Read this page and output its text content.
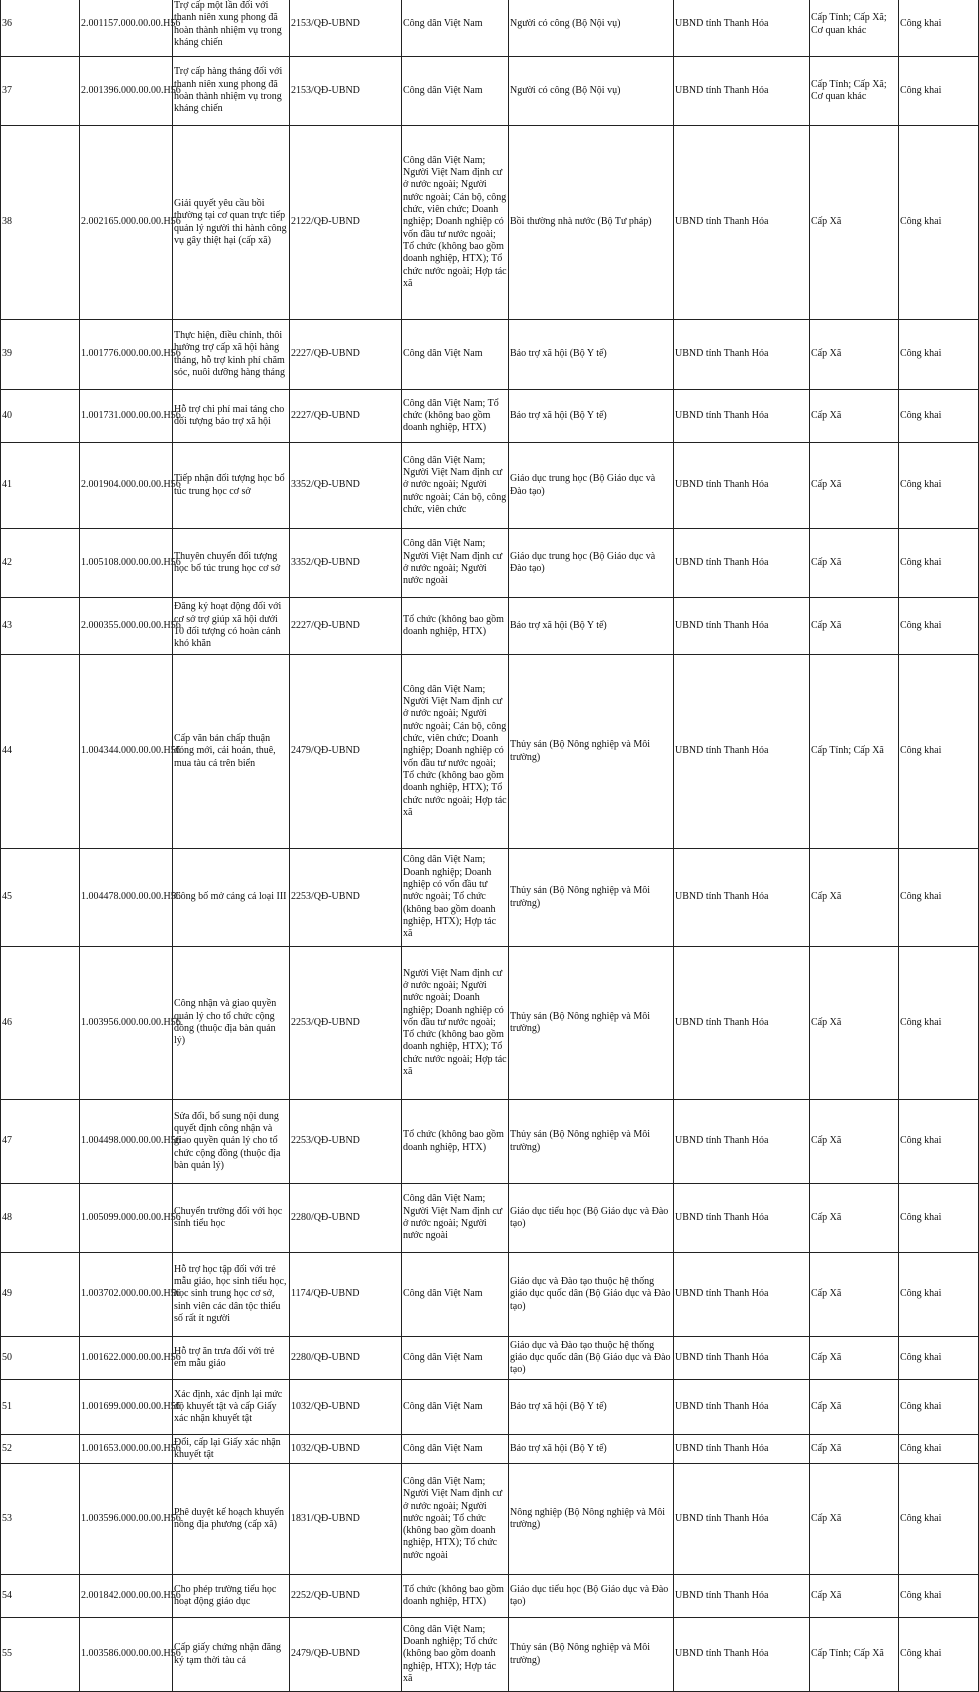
36	2.001157.000.00.00.H56	Trợ cấp một lần đối với thanh niên xung phong đã hoàn thành nhiệm vụ trong kháng chiến	2153/QĐ-UBND	Công dân Việt Nam	Người có công (Bộ Nội vụ)	UBND tỉnh Thanh Hóa	Cấp Tỉnh; Cấp Xã; Cơ quan khác	Công khai
37	2.001396.000.00.00.H56	Trợ cấp hàng tháng đối với thanh niên xung phong đã hoàn thành nhiệm vụ trong kháng chiến	2153/QĐ-UBND	Công dân Việt Nam	Người có công (Bộ Nội vụ)	UBND tỉnh Thanh Hóa	Cấp Tỉnh; Cấp Xã; Cơ quan khác	Công khai
38	2.002165.000.00.00.H56	Giải quyết yêu cầu bồi thường tại cơ quan trực tiếp quản lý người thi hành công vụ gây thiệt hại (cấp xã)	2122/QĐ-UBND	Công dân Việt Nam; Người Việt Nam định cư ở nước ngoài; Người nước ngoài; Cán bộ, công chức, viên chức; Doanh nghiệp; Doanh nghiệp có vốn đầu tư nước ngoài; Tổ chức (không bao gồm doanh nghiệp, HTX); Tổ chức nước ngoài; Hợp tác xã	Bồi thường nhà nước (Bộ Tư pháp)	UBND tỉnh Thanh Hóa	Cấp Xã	Công khai
39	1.001776.000.00.00.H56	Thực hiện, điều chỉnh, thôi hưởng trợ cấp xã hội hàng tháng, hỗ trợ kinh phí chăm sóc, nuôi dưỡng hàng tháng	2227/QĐ-UBND	Công dân Việt Nam	Bảo trợ xã hội (Bộ Y tế)	UBND tỉnh Thanh Hóa	Cấp Xã	Công khai
40	1.001731.000.00.00.H56	Hỗ trợ chi phí mai táng cho đối tượng bảo trợ xã hội	2227/QĐ-UBND	Công dân Việt Nam; Tổ chức (không bao gồm doanh nghiệp, HTX)	Bảo trợ xã hội (Bộ Y tế)	UBND tỉnh Thanh Hóa	Cấp Xã	Công khai
41	2.001904.000.00.00.H56	Tiếp nhận đối tượng học bổ túc trung học cơ sở	3352/QĐ-UBND	Công dân Việt Nam; Người Việt Nam định cư ở nước ngoài; Người nước ngoài; Cán bộ, công chức, viên chức	Giáo dục trung học (Bộ Giáo dục và Đào tạo)	UBND tỉnh Thanh Hóa	Cấp Xã	Công khai
42	1.005108.000.00.00.H56	Thuyên chuyển đối tượng học bổ túc trung học cơ sở	3352/QĐ-UBND	Công dân Việt Nam; Người Việt Nam định cư ở nước ngoài; Người nước ngoài	Giáo dục trung học (Bộ Giáo dục và Đào tạo)	UBND tỉnh Thanh Hóa	Cấp Xã	Công khai
43	2.000355.000.00.00.H56	Đăng ký hoạt động đối với cơ sở trợ giúp xã hội dưới 10 đối tượng có hoàn cảnh khó khăn	2227/QĐ-UBND	Tổ chức (không bao gồm doanh nghiệp, HTX)	Bảo trợ xã hội (Bộ Y tế)	UBND tỉnh Thanh Hóa	Cấp Xã	Công khai
44	1.004344.000.00.00.H56	Cấp văn bản chấp thuận đóng mới, cải hoán, thuê, mua tàu cá trên biển	2479/QĐ-UBND	Công dân Việt Nam; Người Việt Nam định cư ở nước ngoài; Người nước ngoài; Cán bộ, công chức, viên chức; Doanh nghiệp; Doanh nghiệp có vốn đầu tư nước ngoài; Tổ chức (không bao gồm doanh nghiệp, HTX); Tổ chức nước ngoài; Hợp tác xã	Thủy sản (Bộ Nông nghiệp và Môi trường)	UBND tỉnh Thanh Hóa	Cấp Tỉnh; Cấp Xã	Công khai
45	1.004478.000.00.00.H56	Công bố mở cảng cá loại III	2253/QĐ-UBND	Công dân Việt Nam; Doanh nghiệp; Doanh nghiệp có vốn đầu tư nước ngoài; Tổ chức (không bao gồm doanh nghiệp, HTX); Hợp tác xã	Thủy sản (Bộ Nông nghiệp và Môi trường)	UBND tỉnh Thanh Hóa	Cấp Xã	Công khai
46	1.003956.000.00.00.H56	Công nhận và giao quyền quản lý cho tổ chức cộng đồng (thuộc địa bàn quản lý)	2253/QĐ-UBND	Người Việt Nam định cư ở nước ngoài; Người nước ngoài; Doanh nghiệp; Doanh nghiệp có vốn đầu tư nước ngoài; Tổ chức (không bao gồm doanh nghiệp, HTX); Tổ chức nước ngoài; Hợp tác xã	Thủy sản (Bộ Nông nghiệp và Môi trường)	UBND tỉnh Thanh Hóa	Cấp Xã	Công khai
47	1.004498.000.00.00.H56	Sửa đổi, bổ sung nội dung quyết định công nhận và giao quyền quản lý cho tổ chức cộng đồng (thuộc địa bàn quản lý)	2253/QĐ-UBND	Tổ chức (không bao gồm doanh nghiệp, HTX)	Thủy sản (Bộ Nông nghiệp và Môi trường)	UBND tỉnh Thanh Hóa	Cấp Xã	Công khai
48	1.005099.000.00.00.H56	Chuyển trường đối với học sinh tiểu học	2280/QĐ-UBND	Công dân Việt Nam; Người Việt Nam định cư ở nước ngoài; Người nước ngoài	Giáo dục tiểu học (Bộ Giáo dục và Đào tạo)	UBND tỉnh Thanh Hóa	Cấp Xã	Công khai
49	1.003702.000.00.00.H56	Hỗ trợ học tập đối với trẻ mẫu giáo, học sinh tiểu học, học sinh trung học cơ sở, sinh viên các dân tộc thiểu số rất ít người	1174/QĐ-UBND	Công dân Việt Nam	Giáo dục và Đào tạo thuộc hệ thống giáo dục quốc dân (Bộ Giáo dục và Đào tạo)	UBND tỉnh Thanh Hóa	Cấp Xã	Công khai
50	1.001622.000.00.00.H56	Hỗ trợ ăn trưa đối với trẻ em mẫu giáo	2280/QĐ-UBND	Công dân Việt Nam	Giáo dục và Đào tạo thuộc hệ thống giáo dục quốc dân (Bộ Giáo dục và Đào tạo)	UBND tỉnh Thanh Hóa	Cấp Xã	Công khai
51	1.001699.000.00.00.H56	Xác định, xác định lại mức độ khuyết tật và cấp Giấy xác nhận khuyết tật	1032/QĐ-UBND	Công dân Việt Nam	Bảo trợ xã hội (Bộ Y tế)	UBND tỉnh Thanh Hóa	Cấp Xã	Công khai
52	1.001653.000.00.00.H56	Đổi, cấp lại Giấy xác nhận khuyết tật	1032/QĐ-UBND	Công dân Việt Nam	Bảo trợ xã hội (Bộ Y tế)	UBND tỉnh Thanh Hóa	Cấp Xã	Công khai
53	1.003596.000.00.00.H56	Phê duyệt kế hoạch khuyến nông địa phương (cấp xã)	1831/QĐ-UBND	Công dân Việt Nam; Người Việt Nam định cư ở nước ngoài; Người nước ngoài; Tổ chức (không bao gồm doanh nghiệp, HTX); Tổ chức nước ngoài	Nông nghiệp (Bộ Nông nghiệp và Môi trường)	UBND tỉnh Thanh Hóa	Cấp Xã	Công khai
54	2.001842.000.00.00.H56	Cho phép trường tiểu học hoạt động giáo dục	2252/QĐ-UBND	Tổ chức (không bao gồm doanh nghiệp, HTX)	Giáo dục tiểu học (Bộ Giáo dục và Đào tạo)	UBND tỉnh Thanh Hóa	Cấp Xã	Công khai
55	1.003586.000.00.00.H56	Cấp giấy chứng nhận đăng ký tạm thời tàu cá	2479/QĐ-UBND	Công dân Việt Nam; Doanh nghiệp; Tổ chức (không bao gồm doanh nghiệp, HTX); Hợp tác xã	Thủy sản (Bộ Nông nghiệp và Môi trường)	UBND tỉnh Thanh Hóa	Cấp Tỉnh; Cấp Xã	Công khai
